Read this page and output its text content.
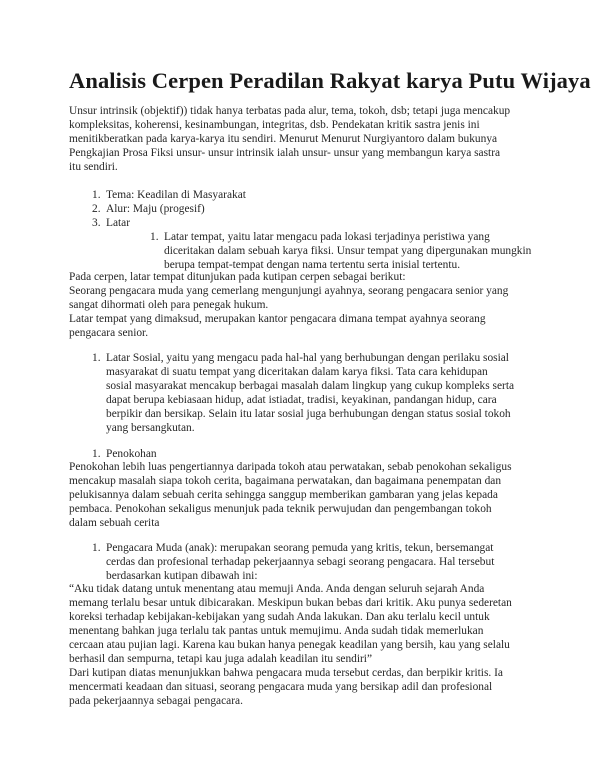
Analisis Cerpen Peradilan Rakyat karya Putu Wijaya

Unsur intrinsik (objektif)) tidak hanya terbatas pada alur, tema, tokoh, dsb; tetapi juga mencakup

kompleksitas, koherensi, kesinambungan, integritas, dsb. Pendekatan kritik sastra jenis ini

menitikberatkan pada karya-karya itu sendiri. Menurut Menurut Nurgiyantoro dalam bukunya

Pengkajian Prosa Fiksi unsur- unsur intrinsik ialah unsur- unsur yang membangun karya sastra

itu sendiri.

1. Tema: Keadilan di Masyarakat
2. Alur: Maju (progesif)
3. Latar
1. Latar tempat, yaitu latar mengacu pada lokasi terjadinya peristiwa yang

diceritakan dalam sebuah karya fiksi. Unsur tempat yang dipergunakan mungkin

berupa tempat-tempat dengan nama tertentu serta inisial tertentu.

Pada cerpen, latar tempat ditunjukan pada kutipan cerpen sebagai berikut:

Seorang pengacara muda yang cemerlang mengunjungi ayahnya, seorang pengacara senior yang

sangat dihormati oleh para penegak hukum.

Latar tempat yang dimaksud, merupakan kantor pengacara dimana tempat ayahnya seorang

pengacara senior.

1. Latar Sosial, yaitu yang mengacu pada hal-hal yang berhubungan dengan perilaku sosial

masyarakat di suatu tempat yang diceritakan dalam karya fiksi. Tata cara kehidupan

sosial masyarakat mencakup berbagai masalah dalam lingkup yang cukup kompleks serta

dapat berupa kebiasaan hidup, adat istiadat, tradisi, keyakinan, pandangan hidup, cara

berpikir dan bersikap. Selain itu latar sosial juga berhubungan dengan status sosial tokoh

yang bersangkutan.

1. Penokohan

Penokohan lebih luas pengertiannya daripada tokoh atau perwatakan, sebab penokohan sekaligus

mencakup masalah siapa tokoh cerita, bagaimana perwatakan, dan bagaimana penempatan dan

pelukisannya dalam sebuah cerita sehingga sanggup memberikan gambaran yang jelas kepada

pembaca. Penokohan sekaligus menunjuk pada teknik perwujudan dan pengembangan tokoh

dalam sebuah cerita

1. Pengacara Muda (anak): merupakan seorang pemuda yang kritis, tekun, bersemangat

cerdas dan profesional terhadap pekerjaannya sebagi seorang pengacara. Hal tersebut

berdasarkan kutipan dibawah ini:

“Aku tidak datang untuk menentang atau memuji Anda. Anda dengan seluruh sejarah Anda

memang terlalu besar untuk dibicarakan. Meskipun bukan bebas dari kritik. Aku punya sederetan

koreksi terhadap kebijakan-kebijakan yang sudah Anda lakukan. Dan aku terlalu kecil untuk

menentang bahkan juga terlalu tak pantas untuk memujimu. Anda sudah tidak memerlukan

cercaan atau pujian lagi. Karena kau bukan hanya penegak keadilan yang bersih, kau yang selalu

berhasil dan sempurna, tetapi kau juga adalah keadilan itu sendiri”

Dari kutipan diatas menunjukkan bahwa pengacara muda tersebut cerdas, dan berpikir kritis. Ia

mencermati keadaan dan situasi, seorang pengacara muda yang bersikap adil dan profesional

pada pekerjaannya sebagai pengacara.
